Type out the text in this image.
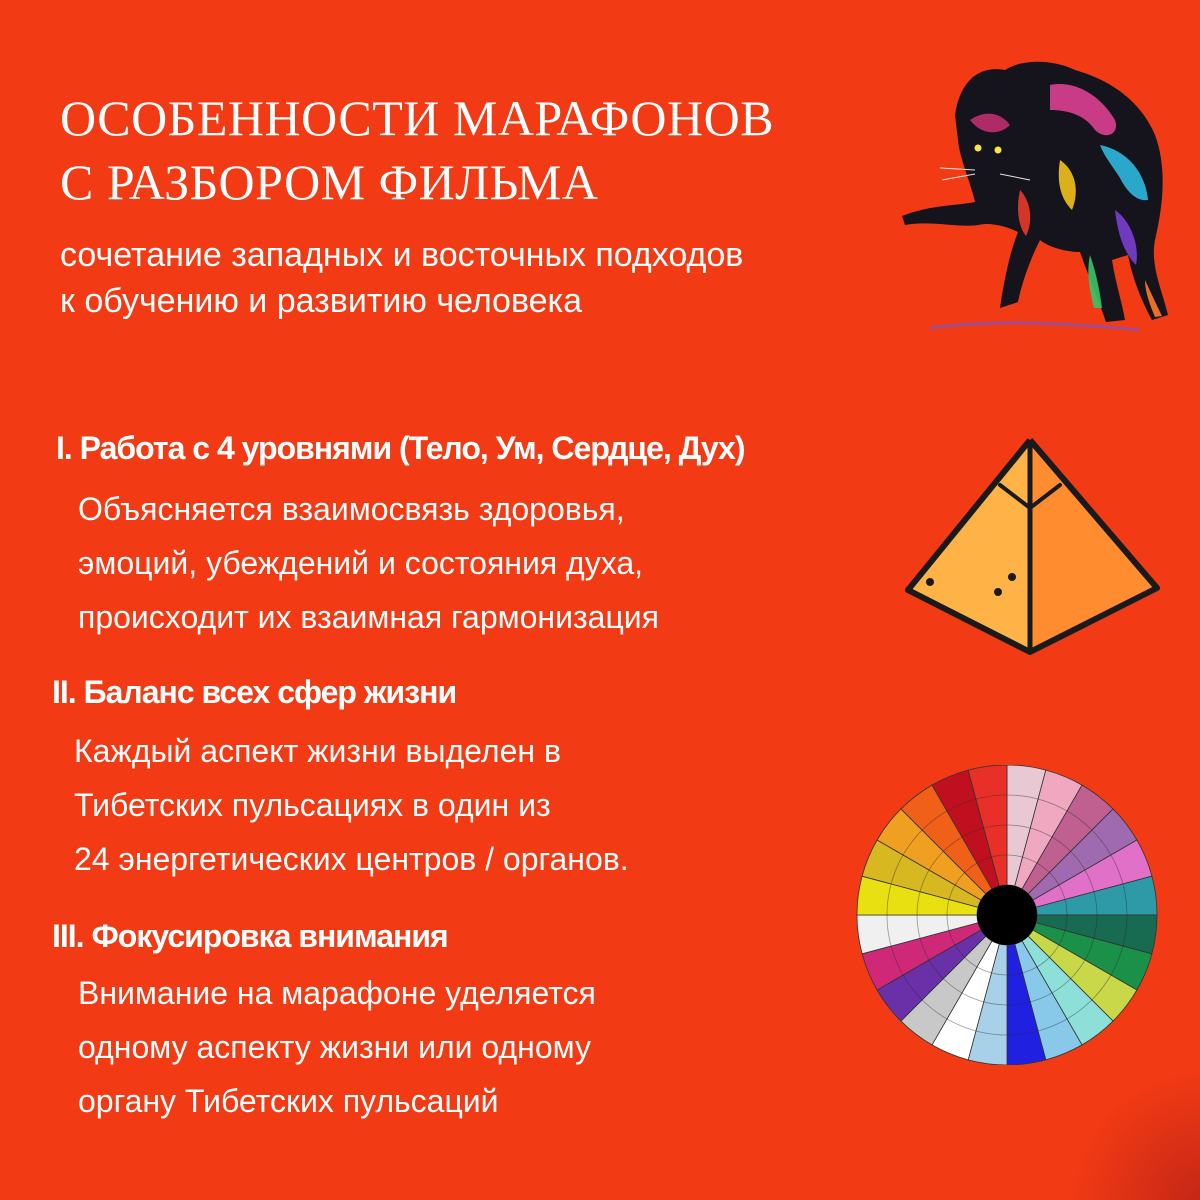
ОСОБЕННОСТИ МАРАФОНОВ
С РАЗБОРОМ ФИЛЬМА

сочетание западных и восточных подходов
к обучению и развитию человека

I. Работа с 4 уровнями (Тело, Ум, Сердце, Дух)

Объясняется взаимосвязь здоровья,
эмоций, убеждений и состояния духа,
происходит их взаимная гармонизация

II. Баланс всех сфер жизни

Каждый аспект жизни выделен в
Тибетских пульсациях в один из
24 энергетических центров / органов.

III. Фокусировка внимания

Внимание на марафоне уделяется
одному аспекту жизни или одному
органу Тибетских пульсаций
